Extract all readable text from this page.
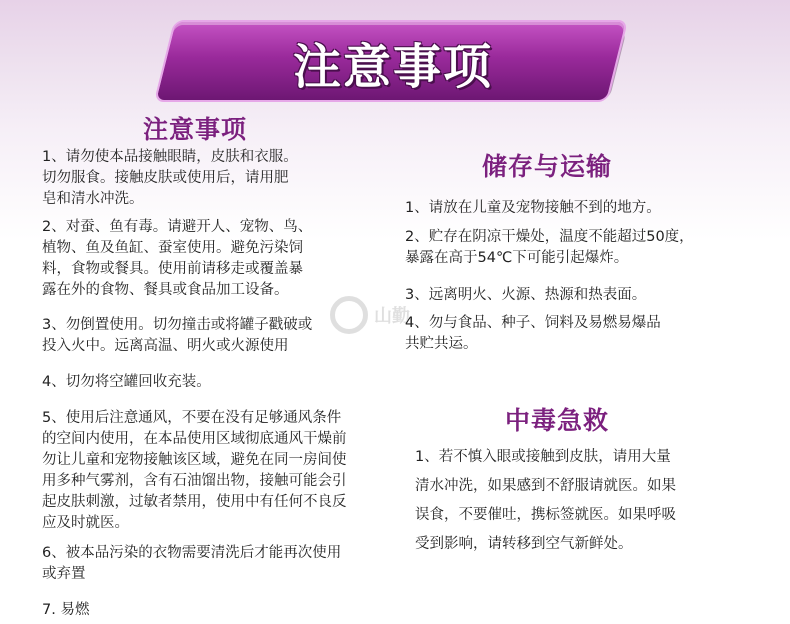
注意事项
山勤
注意事项
1、请勿使本品接触眼睛，皮肤和衣服。
切勿服食。接触皮肤或使用后，请用肥
皂和清水冲洗。
2、对蚕、鱼有毒。请避开人、宠物、鸟、
植物、鱼及鱼缸、蚕室使用。避免污染饲
料，食物或餐具。使用前请移走或覆盖暴
露在外的食物、餐具或食品加工设备。
3、勿倒置使用。切勿撞击或将罐子戳破或
投入火中。远离高温、明火或火源使用
4、切勿将空罐回收充装。
5、使用后注意通风，不要在没有足够通风条件
的空间内使用，在本品使用区域彻底通风干燥前
勿让儿童和宠物接触该区域，避免在同一房间使
用多种气雾剂，含有石油馏出物，接触可能会引
起皮肤刺激，过敏者禁用，使用中有任何不良反
应及时就医。
6、被本品污染的衣物需要清洗后才能再次使用
或弃置
7. 易燃
储存与运输
1、请放在儿童及宠物接触不到的地方。
2、贮存在阴凉干燥处，温度不能超过50度，
暴露在高于54℃下可能引起爆炸。
3、远离明火、火源、热源和热表面。
4、勿与食品、种子、饲料及易燃易爆品
共贮共运。
中毒急救
1、若不慎入眼或接触到皮肤，请用大量
清水冲洗，如果感到不舒服请就医。如果
误食，不要催吐，携标签就医。如果呼吸
受到影响，请转移到空气新鲜处。
